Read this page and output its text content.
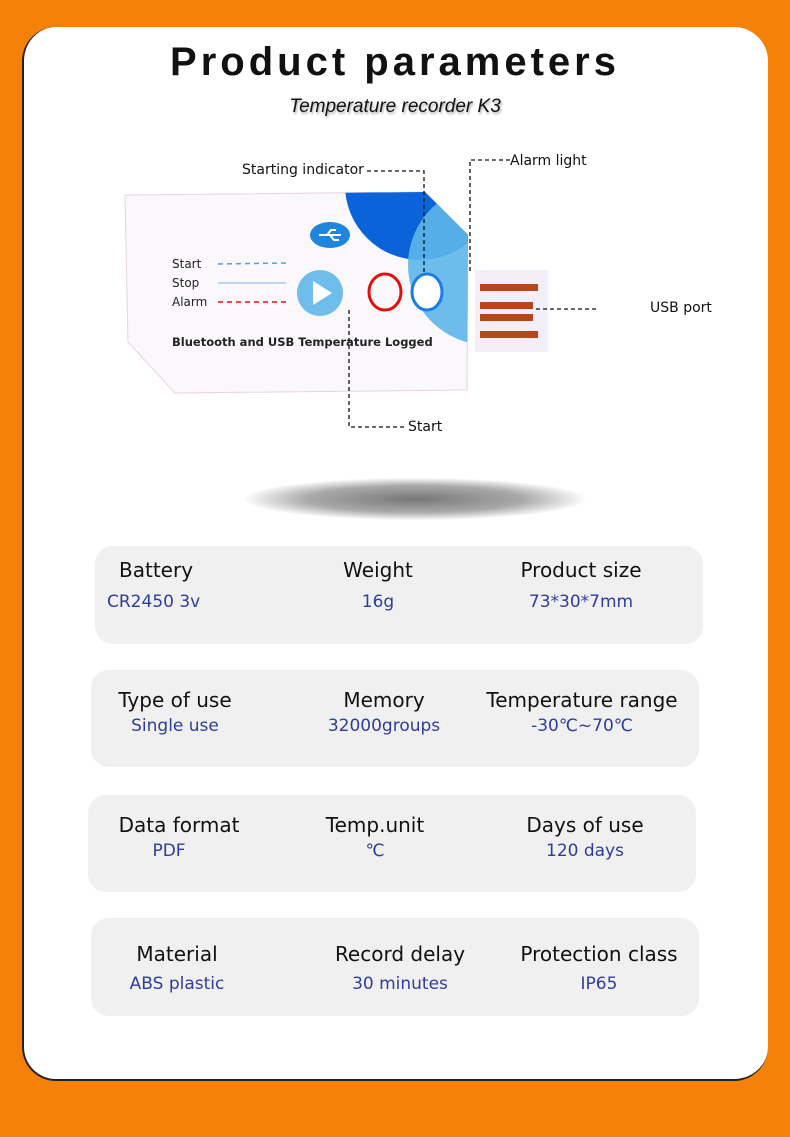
Product parameters
Temperature recorder K3
Start
Stop
Alarm
Bluetooth and USB Temperature Logged
Starting indicator
Alarm light
USB port
Start
Battery
CR2450 3v
Weight
16g
Product size
73*30*7mm
Type of use
Single use
Memory
32000groups
Temperature range
-30℃~70℃
Data format
PDF
Temp.unit
℃
Days of use
120 days
Material
ABS plastic
Record delay
30 minutes
Protection class
IP65
